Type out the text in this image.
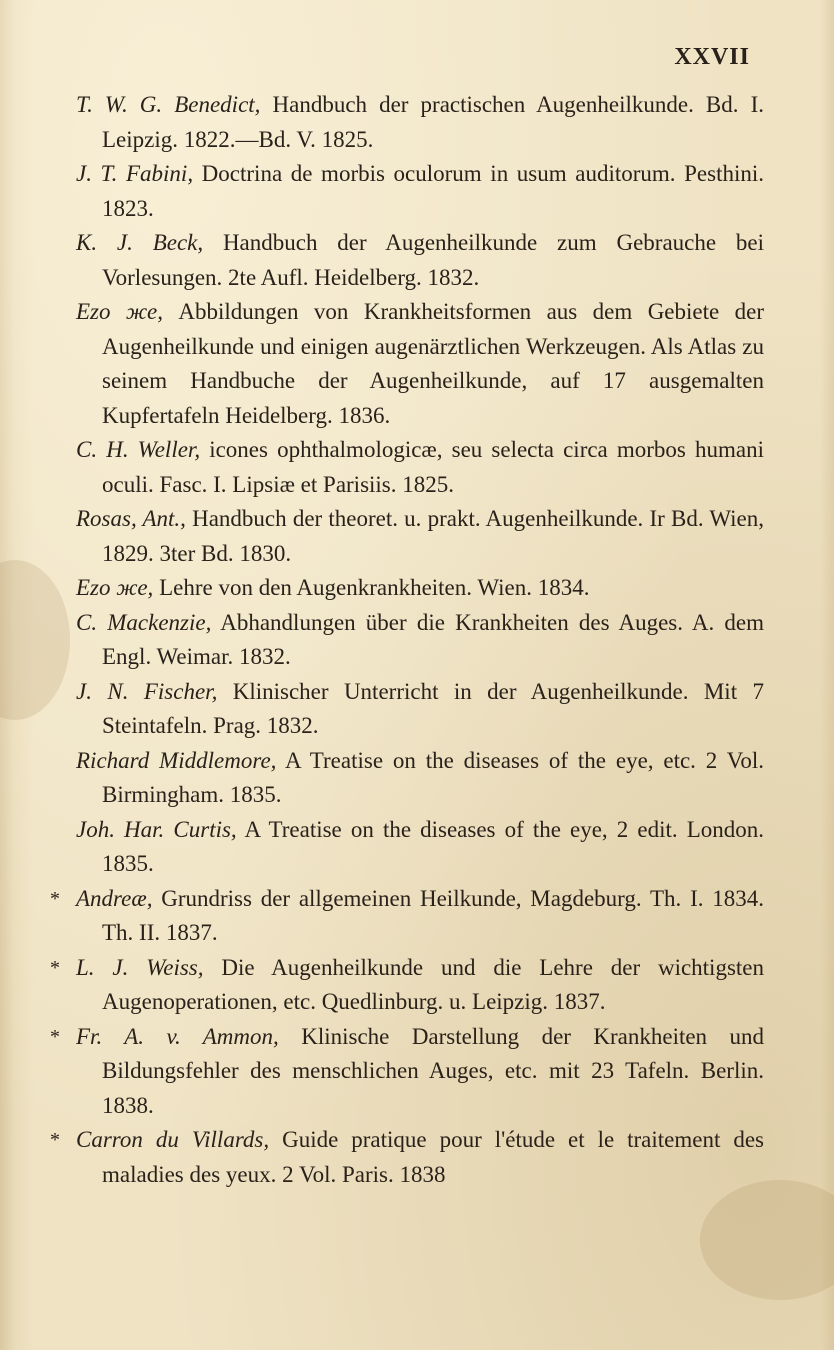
XXVII
T. W. G. Benedict, Handbuch der practischen Augenheilkunde. Bd. I. Leipzig. 1822.—Bd. V. 1825.
J. T. Fabini, Doctrina de morbis oculorum in usum auditorum. Pesthini. 1823.
K. J. Beck, Handbuch der Augenheilkunde zum Gebrauche bei Vorlesungen. 2te Aufl. Heidelberg. 1832.
Ezo же, Abbildungen von Krankheitsformen aus dem Gebiete der Augenheilkunde und einigen augenärztlichen Werkzeugen. Als Atlas zu seinem Handbuche der Augenheilkunde, auf 17 ausgemalten Kupfertafeln Heidelberg. 1836.
C. H. Weller, icones ophthalmologicæ, seu selecta circa morbos humani oculi. Fasc. I. Lipsiæ et Parisiis. 1825.
Rosas, Ant., Handbuch der theoret. u. prakt. Augenheilkunde. Ir Bd. Wien, 1829. 3ter Bd. 1830.
Ezo же, Lehre von den Augenkrankheiten. Wien. 1834.
C. Mackenzie, Abhandlungen über die Krankheiten des Auges. A. dem Engl. Weimar. 1832.
J. N. Fischer, Klinischer Unterricht in der Augenheilkunde. Mit 7 Steintafeln. Prag. 1832.
Richard Middlemore, A Treatise on the diseases of the eye, etc. 2 Vol. Birmingham. 1835.
Joh. Har. Curtis, A Treatise on the diseases of the eye, 2 edit. London. 1835.
* Andreæ, Grundriss der allgemeinen Heilkunde, Magdeburg. Th. I. 1834. Th. II. 1837.
* L. J. Weiss, Die Augenheilkunde und die Lehre der wichtigsten Augenoperationen, etc. Quedlinburg. u. Leipzig. 1837.
* Fr. A. v. Ammon, Klinische Darstellung der Krankheiten und Bildungsfehler des menschlichen Auges, etc. mit 23 Tafeln. Berlin. 1838.
* Carron du Villards, Guide pratique pour l'étude et le traitement des maladies des yeux. 2 Vol. Paris. 1838
